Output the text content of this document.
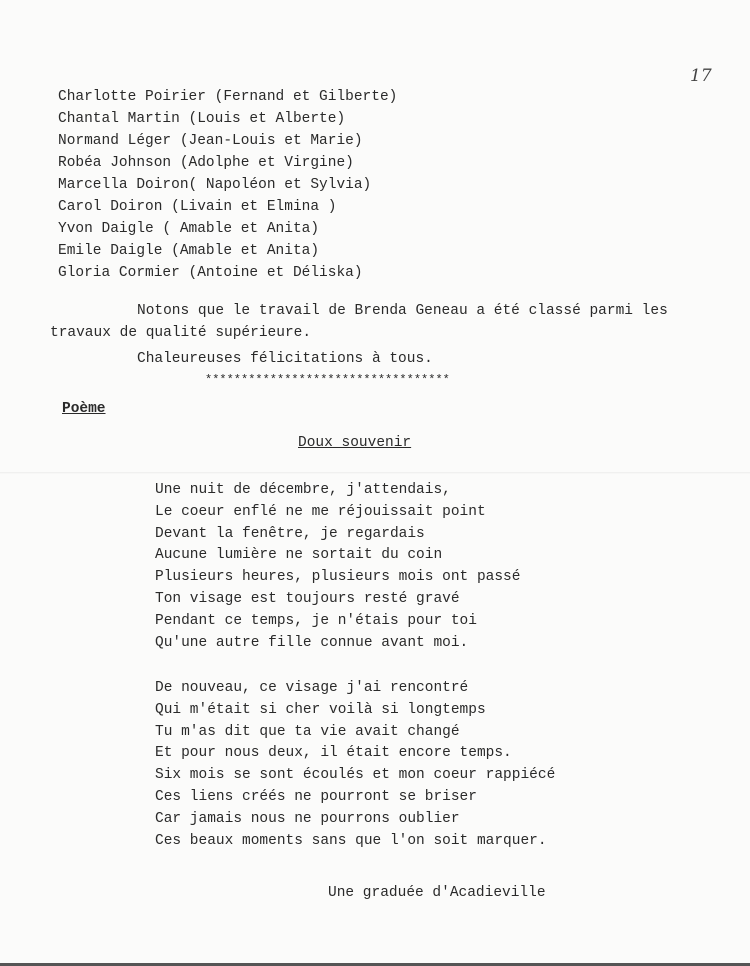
17
Charlotte Poirier (Fernand et Gilberte)
Chantal Martin (Louis et Alberte)
Normand Léger (Jean-Louis et Marie)
Robéa Johnson (Adolphe et Virgine)
Marcella Doiron( Napoléon et Sylvia)
Carol Doiron (Livain et Elmina )
Yvon Daigle ( Amable et Anita)
Emile Daigle (Amable et Anita)
Gloria Cormier (Antoine et Déliska)
Notons que le travail de Brenda Geneau a été classé parmi les
travaux de qualité supérieure.
Chaleureuses félicitations à tous.
**********************************
Poème
Doux souvenir
Une nuit de décembre, j'attendais,
Le coeur enflé ne me réjouissait point
Devant la fenêtre, je regardais
Aucune lumière ne sortait du coin
Plusieurs heures, plusieurs mois ont passé
Ton visage est toujours resté gravé
Pendant ce temps, je n'étais pour toi
Qu'une autre fille connue avant moi.
De nouveau, ce visage j'ai rencontré
Qui m'était si cher voilà si longtemps
Tu m'as dit que ta vie avait changé
Et pour nous deux, il était encore temps.
Six mois se sont écoulés et mon coeur rappiécé
Ces liens créés ne pourront se briser
Car jamais nous ne pourrons oublier
Ces beaux moments sans que l'on soit marquer.
Une graduée d'Acadieville
